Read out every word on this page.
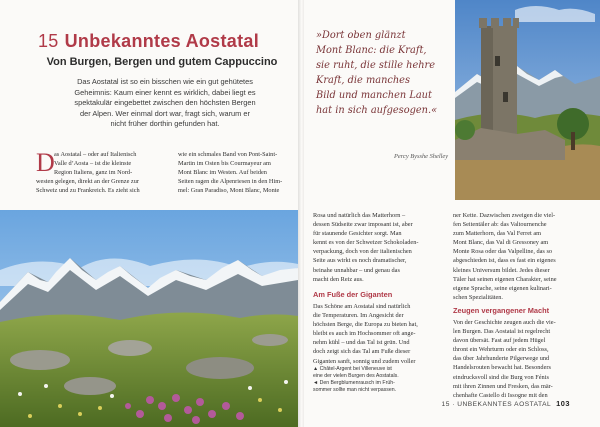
15 Unbekanntes Aostatal
Von Burgen, Bergen und gutem Cappuccino
Das Aostatal ist so ein bisschen wie ein gut gehütetes
Geheimnis: Kaum einer kennt es wirklich, dabei liegt es
spektakulär eingebettet zwischen den höchsten Bergen
der Alpen. Wer einmal dort war, fragt sich, warum er
nicht früher dorthin gefunden hat.
D as Aostatal – oder auf Italienisch
Valle d’Aosta – ist die kleinste
Region Italiens, ganz im Nord-
westen gelegen, direkt an der Grenze zur
Schweiz und zu Frankreich. Es zieht sich
wie ein schmales Band von Pont-Saint-
Martin im Osten bis Courmayeur am
Mont Blanc im Westen. Auf beiden
Seiten ragen die Alpenriesen in den Him-
mel: Gran Paradiso, Mont Blanc, Monte
»Dort oben glänzt
Mont Blanc: die Kraft,
sie ruht, die stille hehre
Kraft, die manches
Bild und manchen Laut
hat in sich aufgesogen.«
Percy Bysshe Shelley
Rosa und natürlich das Matterhorn –
dessen Südseite zwar imposant ist, aber
für staunende Gesichter sorgt. Man
kennt es von der Schweizer Schokoladen-
verpackung, doch von der italienischen
Seite aus wirkt es noch dramatischer,
beinahe unnahbar – und genau das
macht den Reiz aus.
Am Fuße der Giganten
Das Schöne am Aostatal sind natürlich
die Temperaturen. Im Angesicht der
höchsten Berge, die Europa zu bieten hat,
bleibt es auch im Hochsommer oft ange-
nehm kühl – und das Tal ist grün. Und
doch zeigt sich das Tal am Fuße dieser
Giganten sanft, sonnig und zudem voller
▲ Châtel-Argent bei Villeneuve ist
eine der vielen Burgen des Aostatals.
◄ Den Bergblumenrausch im Früh-
sommer sollte man nicht verpassen.
ner Kette. Dazwischen zweigen die viel-
fen Seitentäler ab: das Valtournenche
zum Matterhorn, das Val Ferret am
Mont Blanc, das Val di Gressoney am
Monte Rosa oder das Valpelline, das so
abgeschieden ist, dass es fast ein eigenes
kleines Universum bildet. Jedes dieser
Täler hat seinen eigenen Charakter, seine
eigene Sprache, seine eigenen kulinari-
schen Spezialitäten.
Zeugen vergangener Macht
Von der Geschichte zeugen auch die vie-
len Burgen. Das Aostatal ist regelrecht
davon übersät. Fast auf jedem Hügel
thront ein Wehrturm oder ein Schloss,
das über Jahrhunderte Pilgerwege und
Handelsrouten bewacht hat. Besonders
eindrucksvoll sind die Burg von Fénis
mit ihren Zinnen und Fresken, das mär-
chenhafte Castello di Issogne mit den
15 · UNBEKANNTES AOSTATAL 103
